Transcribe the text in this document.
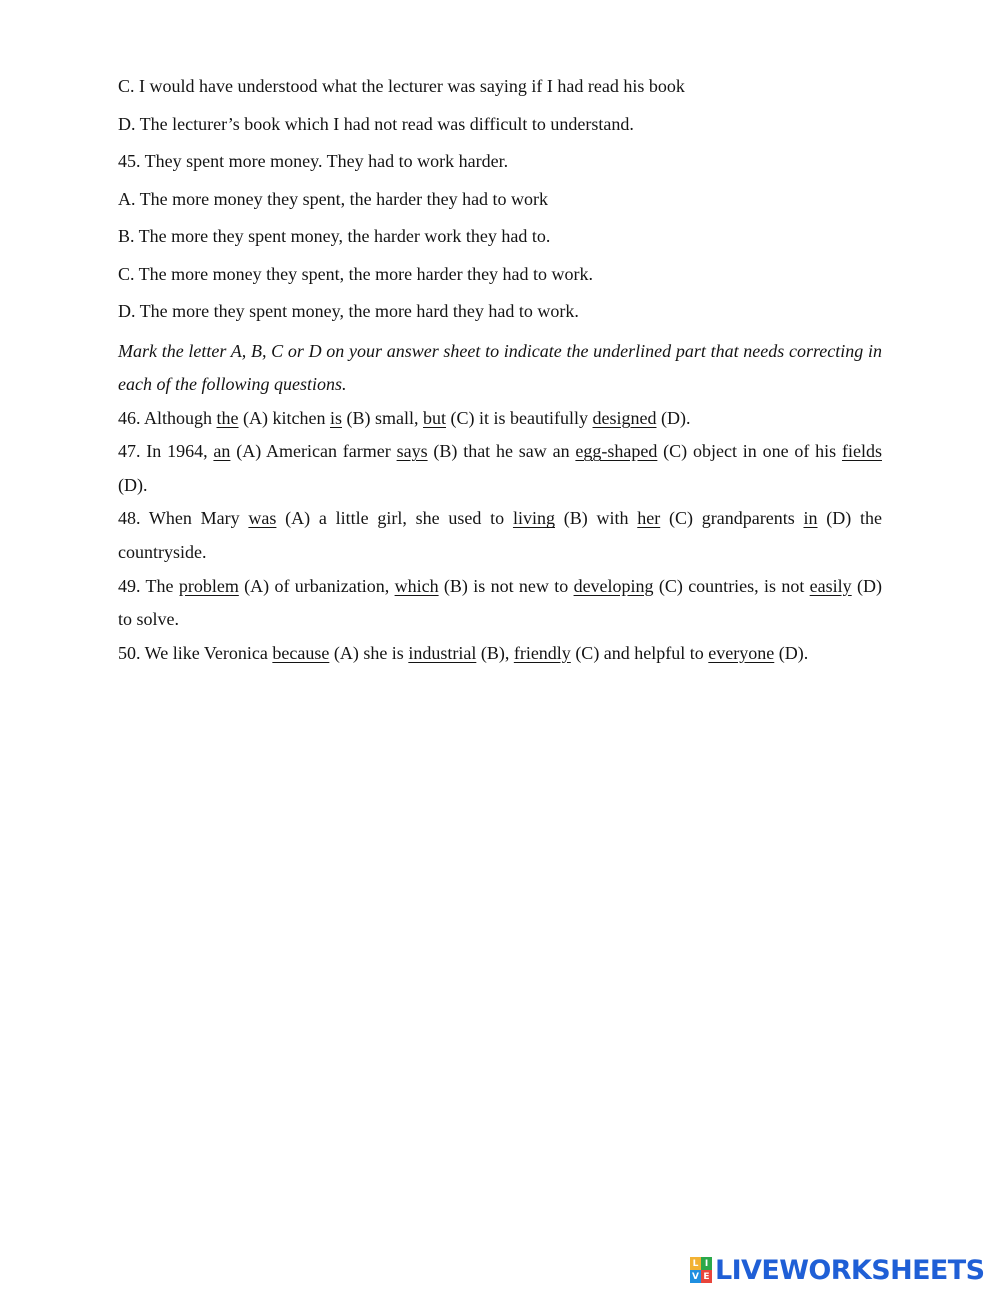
C. I would have understood what the lecturer was saying if I had read his book
D. The lecturer’s book which I had not read was difficult to understand.
45. They spent more money. They had to work harder.
A. The more money they spent, the harder they had to work
B. The more they spent money, the harder work they had to.
C. The more money they spent, the more harder they had to work.
D. The more they spent money, the more hard they had to work.

Mark the letter A, B, C or D on your answer sheet to indicate the underlined part that needs correcting in each of the following questions.

46. Although the (A) kitchen is (B) small, but (C) it is beautifully designed (D).

47. In 1964, an (A) American farmer says (B) that he saw an egg-shaped (C) object in one of his fields (D).

48. When Mary was (A) a little girl, she used to living (B) with her (C) grandparents in (D) the countryside.

49. The problem (A) of urbanization, which (B) is not new to developing (C) countries, is not easily (D) to solve.

50. We like Veronica because (A) she is industrial (B), friendly (C) and helpful to everyone (D).

L I
V E LIVEWORKSHEETS
